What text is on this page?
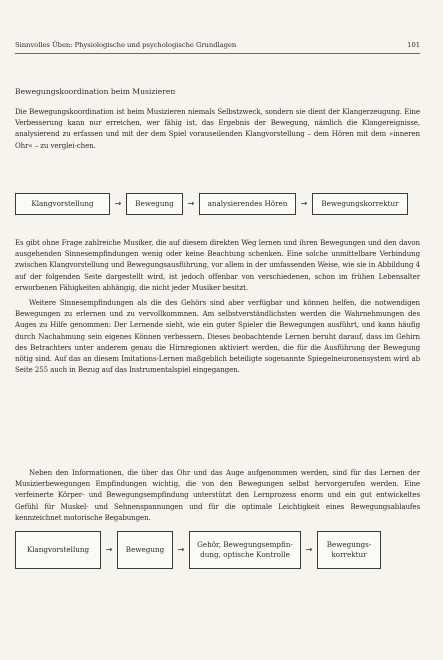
Sinnvolles Üben: Physiologische und psychologische Grundlagen	101
Bewegungskoordination beim Musizieren

Die Bewegungskoordination ist beim Musizieren niemals Selbstzweck, sondern sie dient der Klangerzeugung. Eine Verbesserung kann nur erreichen, wer fähig ist, das Ergebnis der Bewegung, nämlich die Klangereignisse, analysierend zu erfassen und mit der dem Spiel vorauseilenden Klangvorstellung – dem Hören mit dem »inneren Ohr« – zu verglei-chen.

Klangvorstellung	→	Bewegung	→	analysierendes Hören	→	Bewegungskorrektur

Es gibt ohne Frage zahlreiche Musiker, die auf diesem direkten Weg lernen und ihren Bewegungen und den davon ausgehenden Sinnesempfindungen wenig oder keine Beachtung schenken. Eine solche unmittelbare Verbindung zwischen Klangvorstellung und Bewegungsausführung, vor allem in der umfassenden Weise, wie sie in Abbildung 4 auf der folgenden Seite dargestellt wird, ist jedoch offenbar von verschiedenen, schon im frühen Lebensalter erworbenen Fähigkeiten abhängig, die nicht jeder Musiker besitzt.

Weitere Sinnesempfindungen als die des Gehörs sind aber verfügbar und können helfen, die notwendigen Bewegungen zu erlernen und zu vervollkommnen. Am selbstverständlichsten werden die Wahrnehmungen des Auges zu Hilfe genommen: Der Lernende sieht, wie ein guter Spieler die Bewegungen ausführt, und kann häufig durch Nachahmung sein eigenes Können verbessern. Dieses beobachtende Lernen beruht darauf, dass im Gehirn des Betrachters unter anderem genau die Hirnregionen aktiviert werden, die für die Ausführung der Bewegung nötig sind. Auf das an diesem Imitations-Lernen maßgeblich beteiligte sogenannte Spiegelneuronensystem wird ab Seite 255 auch in Bezug auf das Instrumentalspiel eingegangen.

Neben den Informationen, die über das Ohr und das Auge aufgenommen werden, sind für das Lernen der Musizierbewegungen Empfindungen wichtig, die von den Bewegungen selbst hervorgerufen werden. Eine verfeinerte Körper- und Bewegungsempfindung unterstützt den Lernprozess enorm und ein gut entwickeltes Gefühl für Muskel- und Sehnenspannungen und für die optimale Leichtigkeit eines Bewegungsablaufes kennzeichnet motorische Begabungen.

Klangvorstellung	→	Bewegung	→
Gehör, Bewegungsempfin-dung, optische Kontrolle
→
Bewegungs-korrektur
